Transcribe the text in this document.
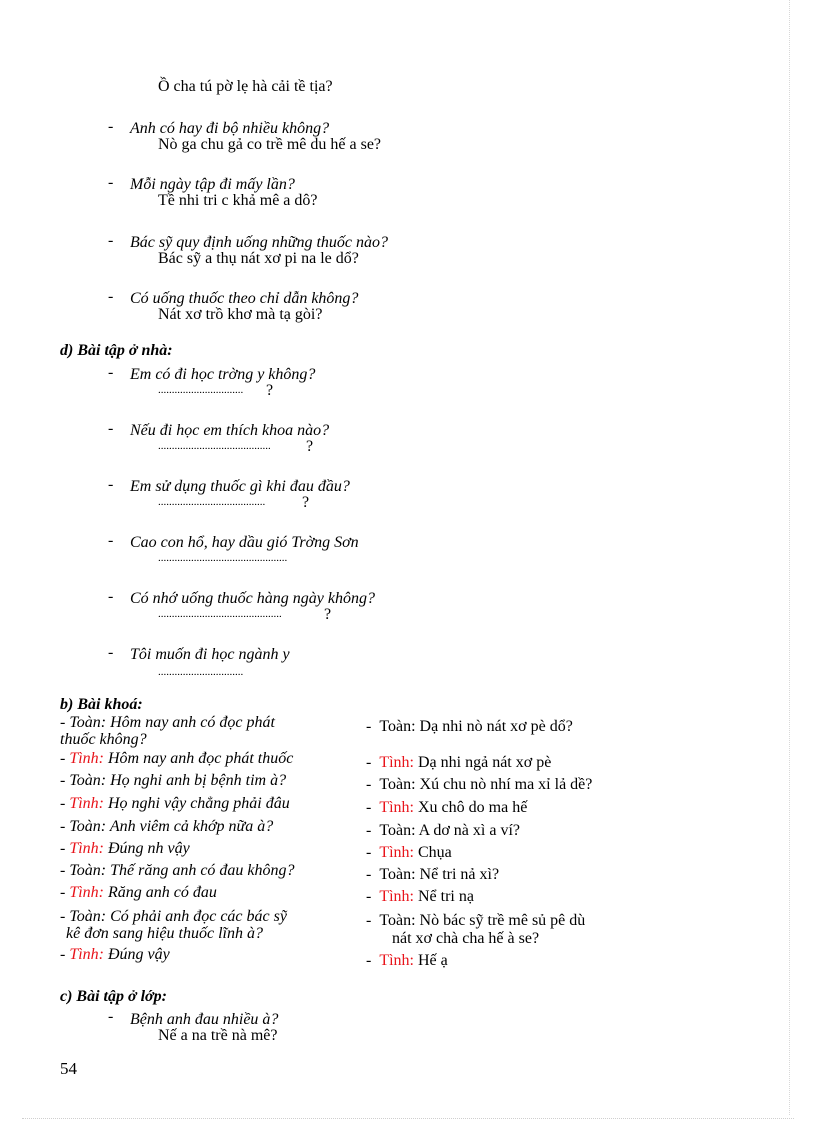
Ồ cha tú pờ lẹ hà cải tề tịa?
- Anh có hay đi bộ nhiều không?
Nò ga chu gả co trề mê du hế a se?
- Mỗi ngày tập đi mấy lần?
Tề nhi tri c khả mê a dô?
- Bác sỹ quy định uống những thuốc nào?
Bác sỹ a thụ nát xơ pi na le dổ?
- Có uống thuốc theo chỉ dẫn không?
Nát xơ trồ khơ mà tạ gòi?
d) Bài tập ở nhà:
- Em có đi học trờng y không?
............................... ?
- Nếu đi học em thích khoa nào?
......................................... ?
- Em sử dụng thuốc gì khi đau đầu?
....................................... ?
- Cao con hổ, hay dầu gió Trờng Sơn
...............................................
- Có nhớ uống thuốc hàng ngày không?
.............................................	?
- Tôi muốn đi học ngành y
...............................
b) Bài khoá:
- Toàn: Hôm nay anh có đọc phát
thuốc không?
- Tình: Hôm nay anh đọc phát thuốc
- Toàn: Họ nghi anh bị bệnh tim à?
- Tình: Họ nghi vậy chẳng phải đâu
- Toàn: Anh viêm cả khớp nữa à?
- Tình: Đúng nh vậy
- Toàn: Thế răng anh có đau không?
- Tình: Răng anh có đau
- Toàn: Có phải anh đọc các bác sỹ
kê đơn sang hiệu thuốc lĩnh à?
- Tình: Đúng vậy
-  Toàn: Dạ nhi nò nát xơ pè dổ?
-  Tình: Dạ nhi ngả nát xơ pè
-  Toàn: Xú chu nò nhí ma xỉ lả dề?
-  Tình: Xu chô do ma hế
-  Toàn: A dơ nà xì a ví?
-  Tình: Chụa
-  Toàn: Nể tri nả xì?
-  Tình: Nể tri nạ
-  Toàn: Nò bác sỹ trề mê sủ pê dù
nát xơ chà cha hế à se?
-  Tình: Hế ạ
c) Bài tập ở lớp:
- Bệnh anh đau nhiều à?
Nế a na trề nà mê?
54
